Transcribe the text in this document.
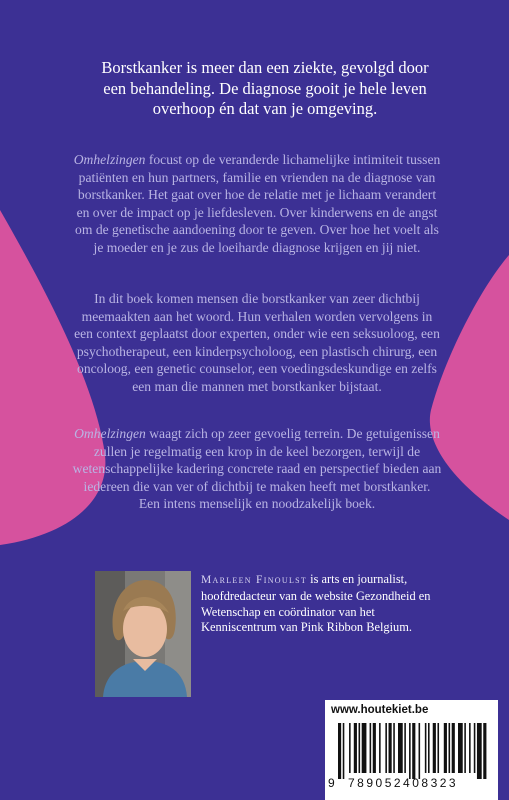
Borstkanker is meer dan een ziekte, gevolgd door een behandeling. De diagnose gooit je hele leven overhoop én dat van je omgeving.

Omhelzingen focust op de veranderde lichamelijke intimiteit tussen patiënten en hun partners, familie en vrienden na de diagnose van borstkanker. Het gaat over hoe de relatie met je lichaam verandert en over de impact op je liefdesleven. Over kinderwens en de angst om de genetische aandoening door te geven. Over hoe het voelt als je moeder en je zus de loeiharde diagnose krijgen en jij niet.

In dit boek komen mensen die borstkanker van zeer dichtbij meemaakten aan het woord. Hun verhalen worden vervolgens in een context geplaatst door experten, onder wie een seksuoloog, een psychotherapeut, een kinderpsycholoog, een plastisch chirurg, een oncoloog, een genetic counselor, een voedingsdeskundige en zelfs een man die mannen met borstkanker bijstaat.

Omhelzingen waagt zich op zeer gevoelig terrein. De getuigenissen zullen je regelmatig een krop in de keel bezorgen, terwijl de wetenschappelijke kadering concrete raad en perspectief bieden aan iedereen die van ver of dichtbij te maken heeft met borstkanker. Een intens menselijk en noodzakelijk boek.

Marleen Finoulst is arts en journalist, hoofdredacteur van de website Gezondheid en Wetenschap en coördinator van het Kenniscentrum van Pink Ribbon Belgium.

www.houtekiet.be
9 789052408323
